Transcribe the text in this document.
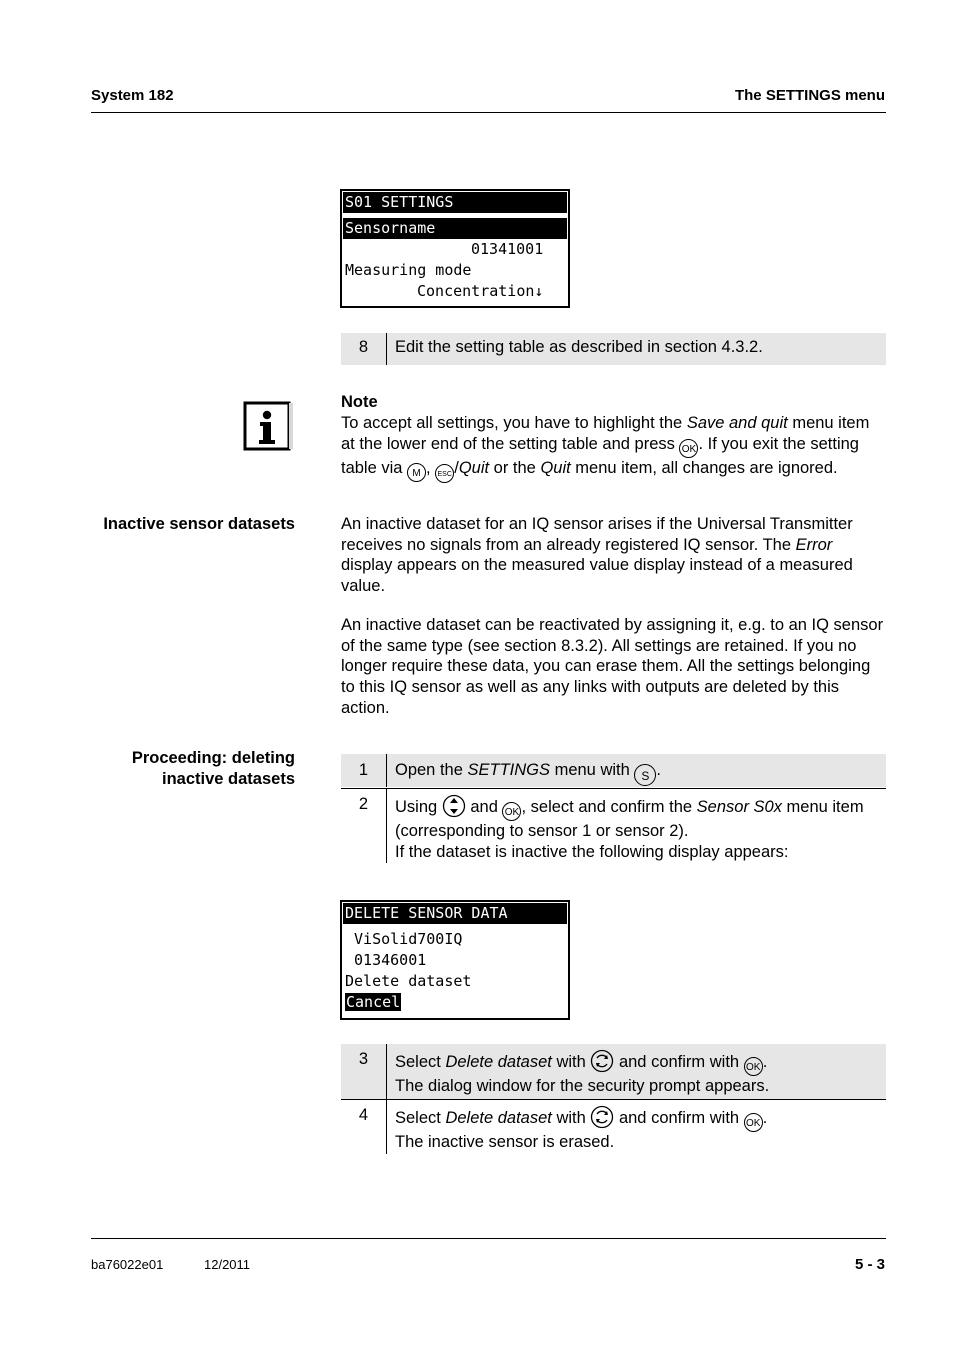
System 182	The SETTINGS menu
S01 SETTINGS
Sensorname
01341001
Measuring mode
Concentration↓
8	Edit the setting table as described in section 4.3.2.
Note
To accept all settings, you have to highlight the Save and quit menu item at the lower end of the setting table and press OK . If you exit the setting table via M , ESC /Quit or the Quit menu item, all changes are ignored.
Inactive sensor datasets	An inactive dataset for an IQ sensor arises if the Universal Transmitter receives no signals from an already registered IQ sensor. The Error display appears on the measured value display instead of a measured value.
An inactive dataset can be reactivated by assigning it, e.g. to an IQ sensor of the same type (see section 8.3.2). All settings are retained. If you no longer require these data, you can erase them. All the settings belonging to this IQ sensor as well as any links with outputs are deleted by this action.
Proceeding: deleting
inactive datasets	1	Open the SETTINGS menu with S .
2	Using  and OK , select and confirm the Sensor S0x menu item (corresponding to sensor 1 or sensor 2).
If the dataset is inactive the following display appears:
DELETE SENSOR DATA
ViSolid700IQ
01346001
Delete dataset
Cancel
3	Select Delete dataset with  and confirm with OK .
The dialog window for the security prompt appears.
4	Select Delete dataset with  and confirm with OK .
The inactive sensor is erased.
ba76022e01	12/2011	5 - 3
